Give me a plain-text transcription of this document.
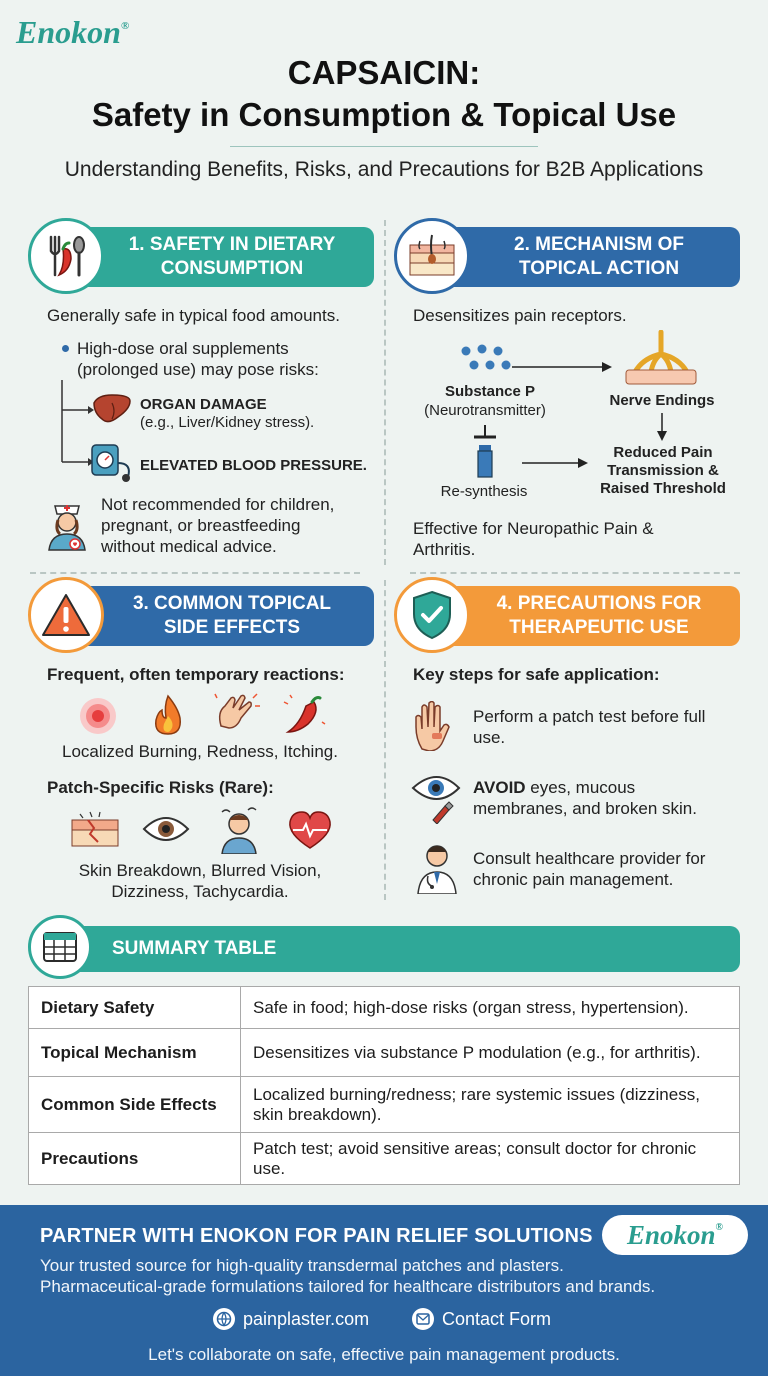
Enokon®
CAPSAICIN:
Safety in Consumption & Topical Use
Understanding Benefits, Risks, and Precautions for B2B Applications
1. SAFETY IN DIETARY
CONSUMPTION
Generally safe in typical food amounts.
High-dose oral supplements
(prolonged use) may pose risks:
ORGAN DAMAGE
(e.g., Liver/Kidney stress).
ELEVATED BLOOD PRESSURE.
Not recommended for children,
pregnant, or breastfeeding
without medical advice.
2. MECHANISM OF
TOPICAL ACTION
Desensitizes pain receptors.
Substance P
(Neurotransmitter)
Nerve Endings
Re-synthesis
Reduced Pain
Transmission &
Raised Threshold
Effective for Neuropathic Pain &
Arthritis.
3. COMMON TOPICAL
SIDE EFFECTS
Frequent, often temporary reactions:
Localized Burning, Redness, Itching.
Patch-Specific Risks (Rare):
Skin Breakdown, Blurred Vision,
Dizziness, Tachycardia.
4. PRECAUTIONS FOR
THERAPEUTIC USE
Key steps for safe application:
Perform a patch test before full
use.
AVOID eyes, mucous
membranes, and broken skin.
Consult healthcare provider for
chronic pain management.
SUMMARY TABLE
Dietary Safety	Safe in food; high-dose risks (organ stress, hypertension).
Topical Mechanism	Desensitizes via substance P modulation (e.g., for arthritis).
Common Side Effects	Localized burning/redness; rare systemic issues (dizziness, skin breakdown).
Precautions	Patch test; avoid sensitive areas; consult doctor for chronic use.
PARTNER WITH ENOKON FOR PAIN RELIEF SOLUTIONS Enokon®
Your trusted source for high-quality transdermal patches and plasters.
Pharmaceutical-grade formulations tailored for healthcare distributors and brands.
painplaster.com	Contact Form
Let's collaborate on safe, effective pain management products.
